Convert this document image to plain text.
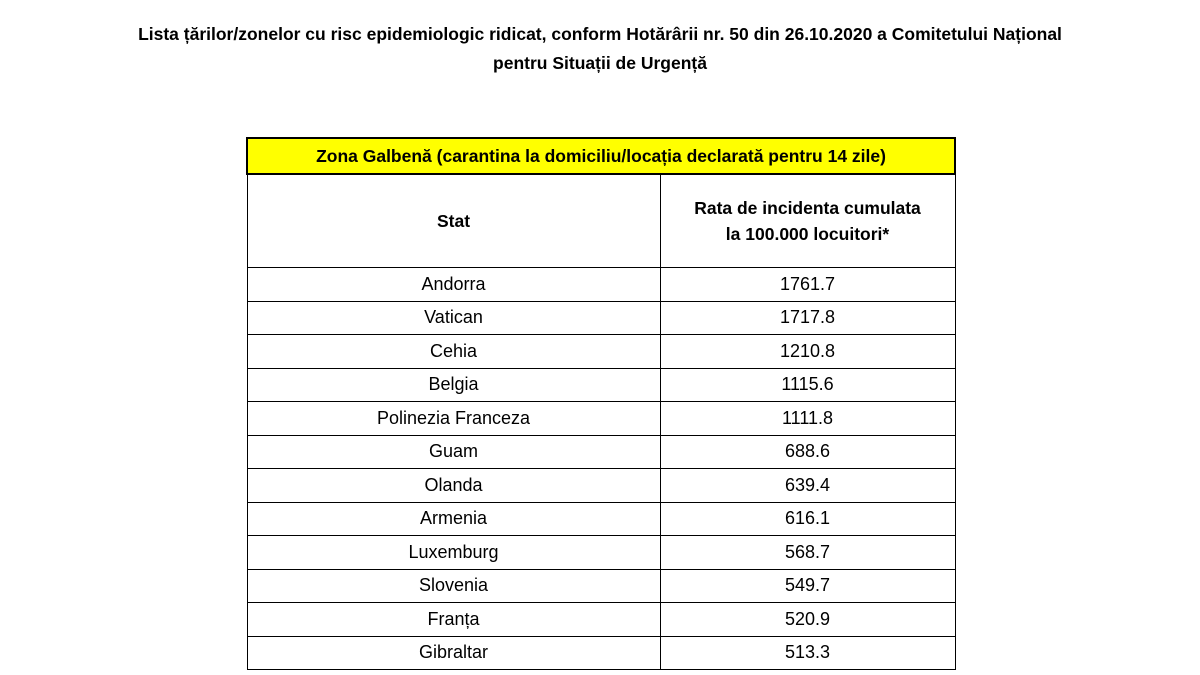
Lista țărilor/zonelor cu risc epidemiologic ridicat, conform Hotărârii nr. 50 din 26.10.2020 a Comitetului Național
pentru Situații de Urgență
Zona Galbenă (carantina la domiciliu/locația declarată pentru 14 zile)	

Stat	Rata de incidenta cumulata
la 100.000 locuitori*

Andorra	1761.7
Vatican	1717.8
Cehia	1210.8
Belgia	1115.6
Polinezia Franceza	1111.8
Guam	688.6
Olanda	639.4
Armenia	616.1
Luxemburg	568.7
Slovenia	549.7
Franța	520.9
Gibraltar	513.3
